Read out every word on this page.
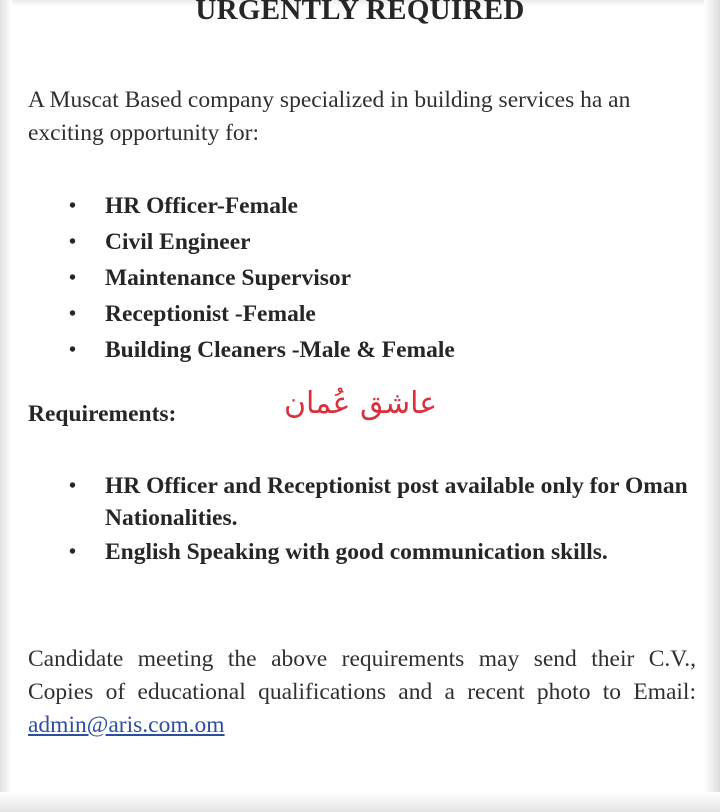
URGENTLY REQUIRED

A Muscat Based company specialized in building services ha an exciting opportunity for:

• HR Officer-Female
• Civil Engineer
• Maintenance Supervisor
• Receptionist -Female
• Building Cleaners -Male & Female
Requirements:	عاشق عُمان
• HR Officer and Receptionist post available only for Oman Nationalities.
• English Speaking with good communication skills.

Candidate meeting the above requirements may send their C.V., Copies of educational qualifications and a recent photo to Email: admin@aris.com.om
